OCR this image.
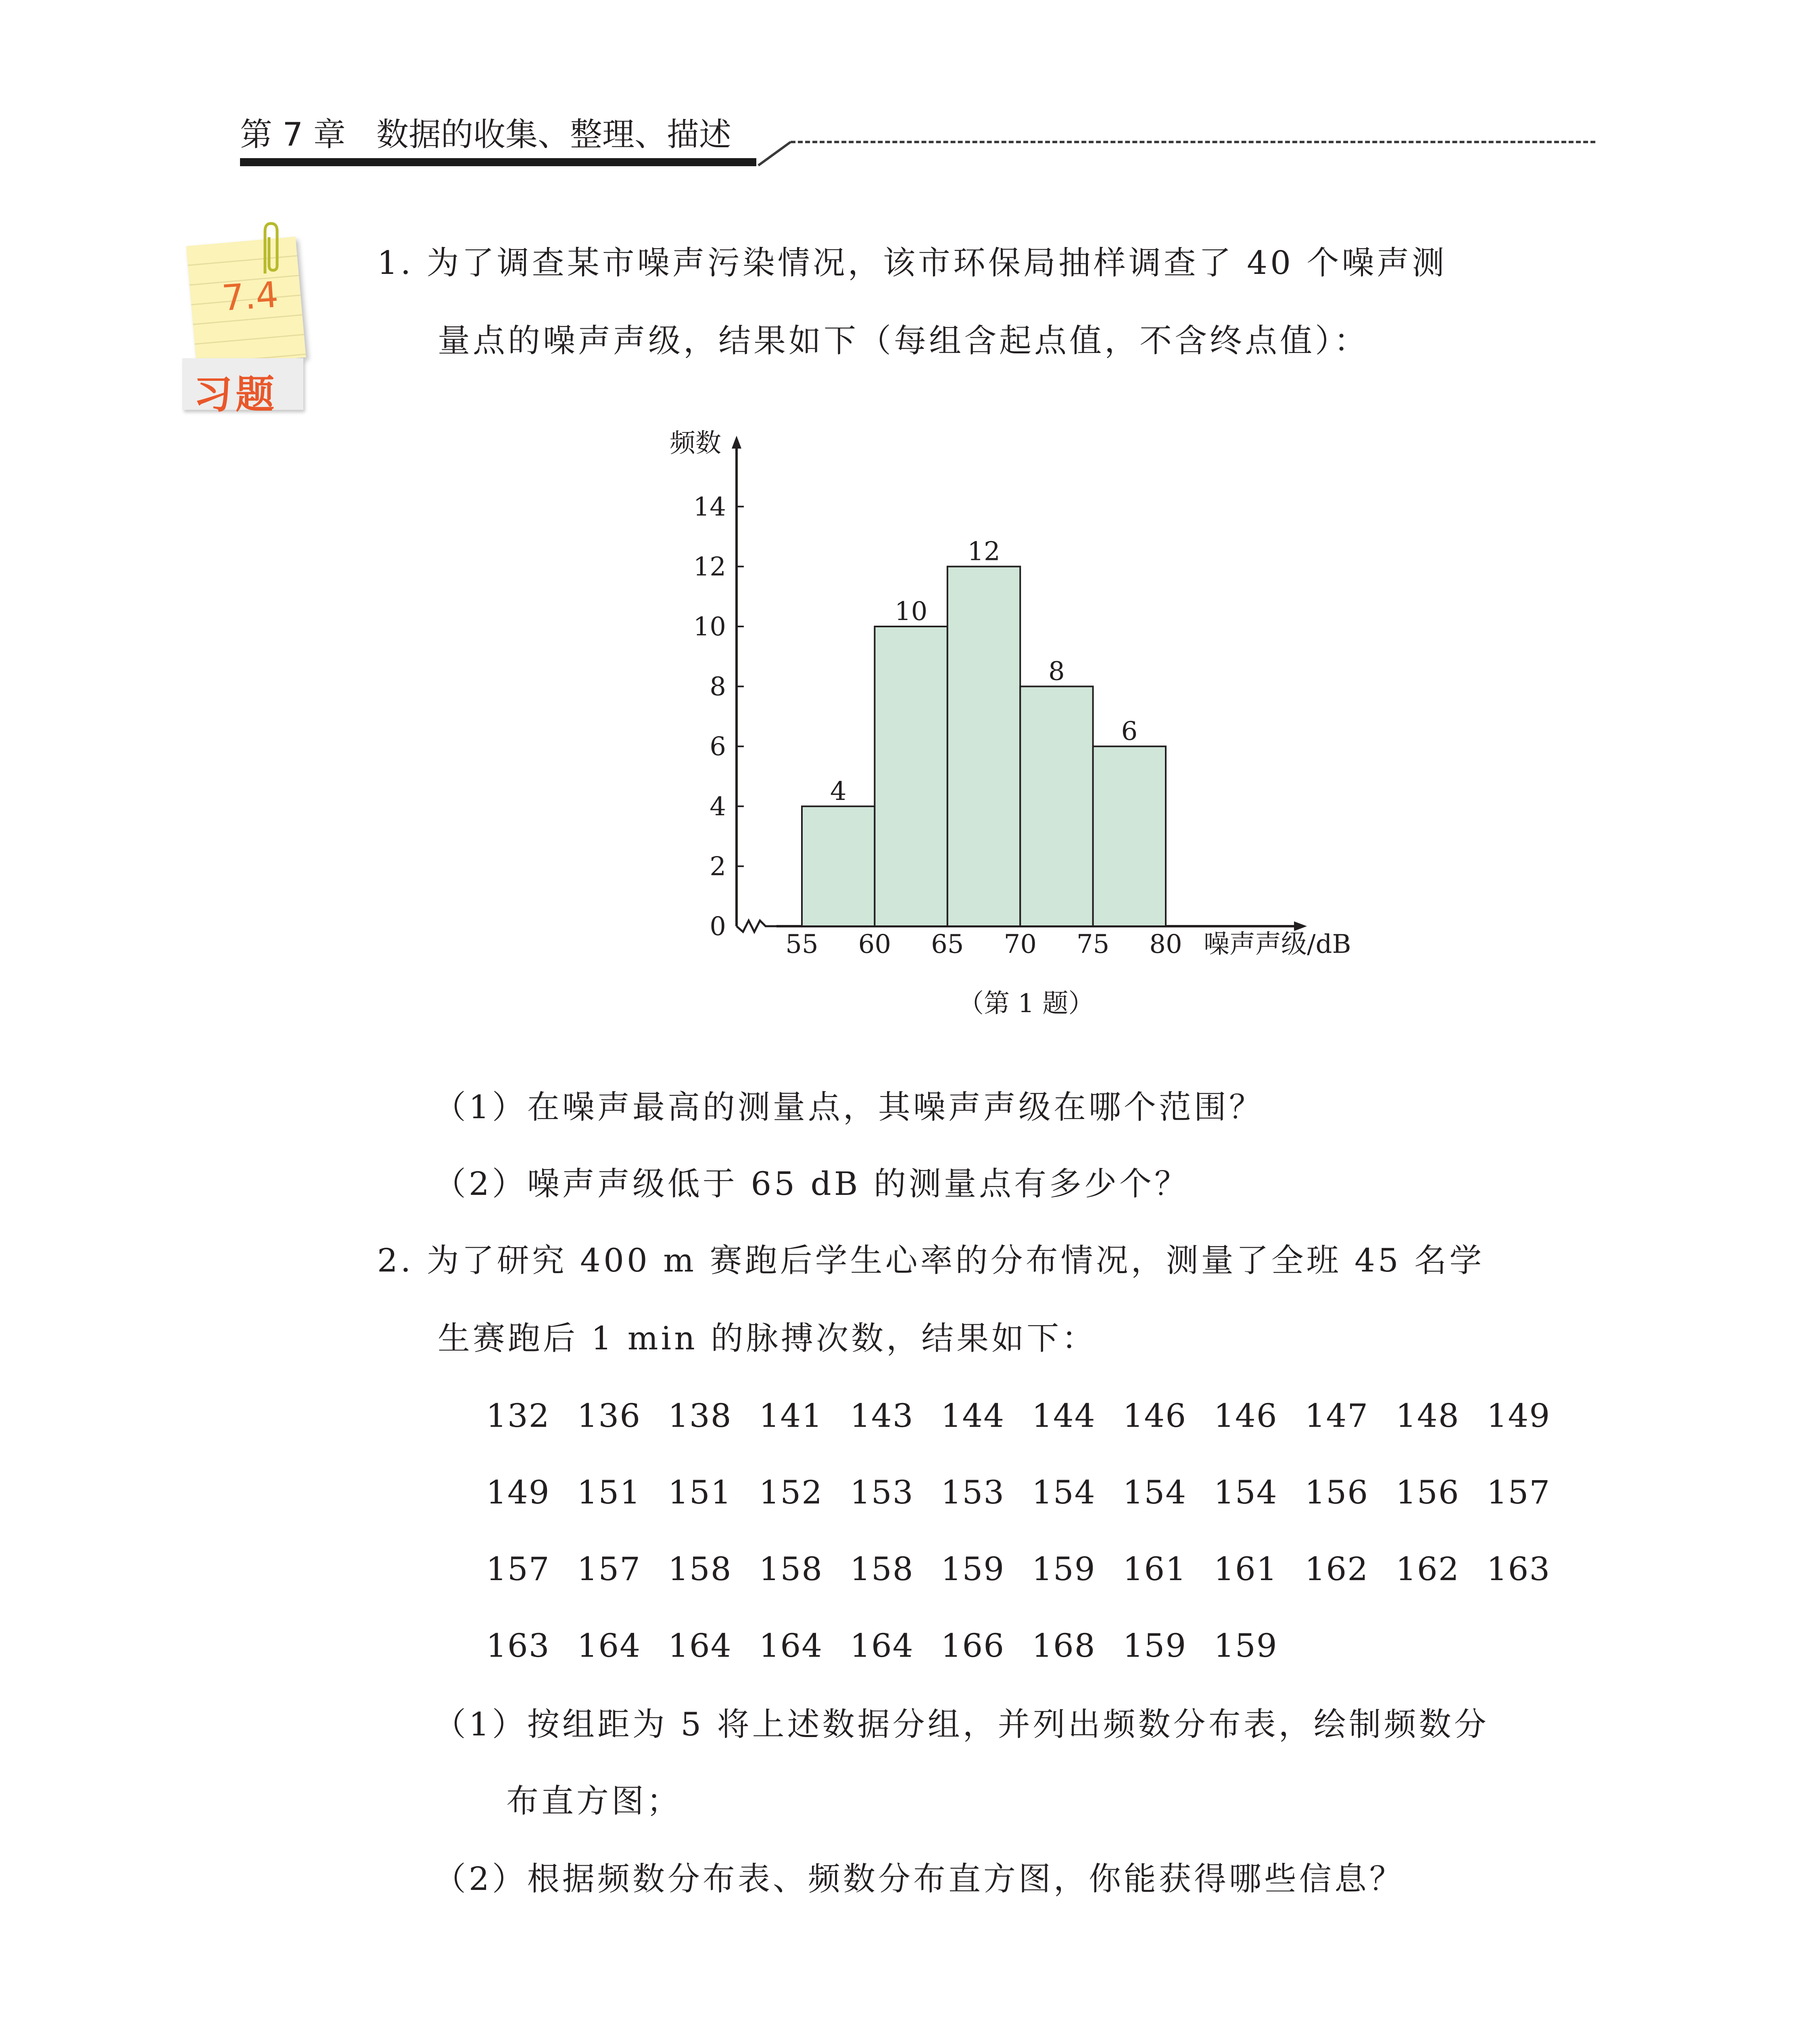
第 7 章   数据的收集、整理、描述
7.4
习题
1. 为了调查某市噪声污染情况，该市环保局抽样调查了 40 个噪声测
量点的噪声声级，结果如下（每组含起点值，不含终点值）：
0
2
4
6
8
10
12
14
55 60 65 70 75 80
4
10
12
8
6
频数
噪声声级/dB
（第 1 题）
（1）在噪声最高的测量点，其噪声声级在哪个范围？
（2）噪声声级低于 65 dB 的测量点有多少个？
2. 为了研究 400 m 赛跑后学生心率的分布情况，测量了全班 45 名学
生赛跑后 1 min 的脉搏次数，结果如下：
132 136 138 141 143 144 144 146 146 147 148 149
149 151 151 152 153 153 154 154 154 156 156 157
157 157 158 158 158 159 159 161 161 162 162 163
163 164 164 164 164 166 168 159 159
（1）按组距为 5 将上述数据分组，并列出频数分布表，绘制频数分
布直方图；
（2）根据频数分布表、频数分布直方图，你能获得哪些信息？
